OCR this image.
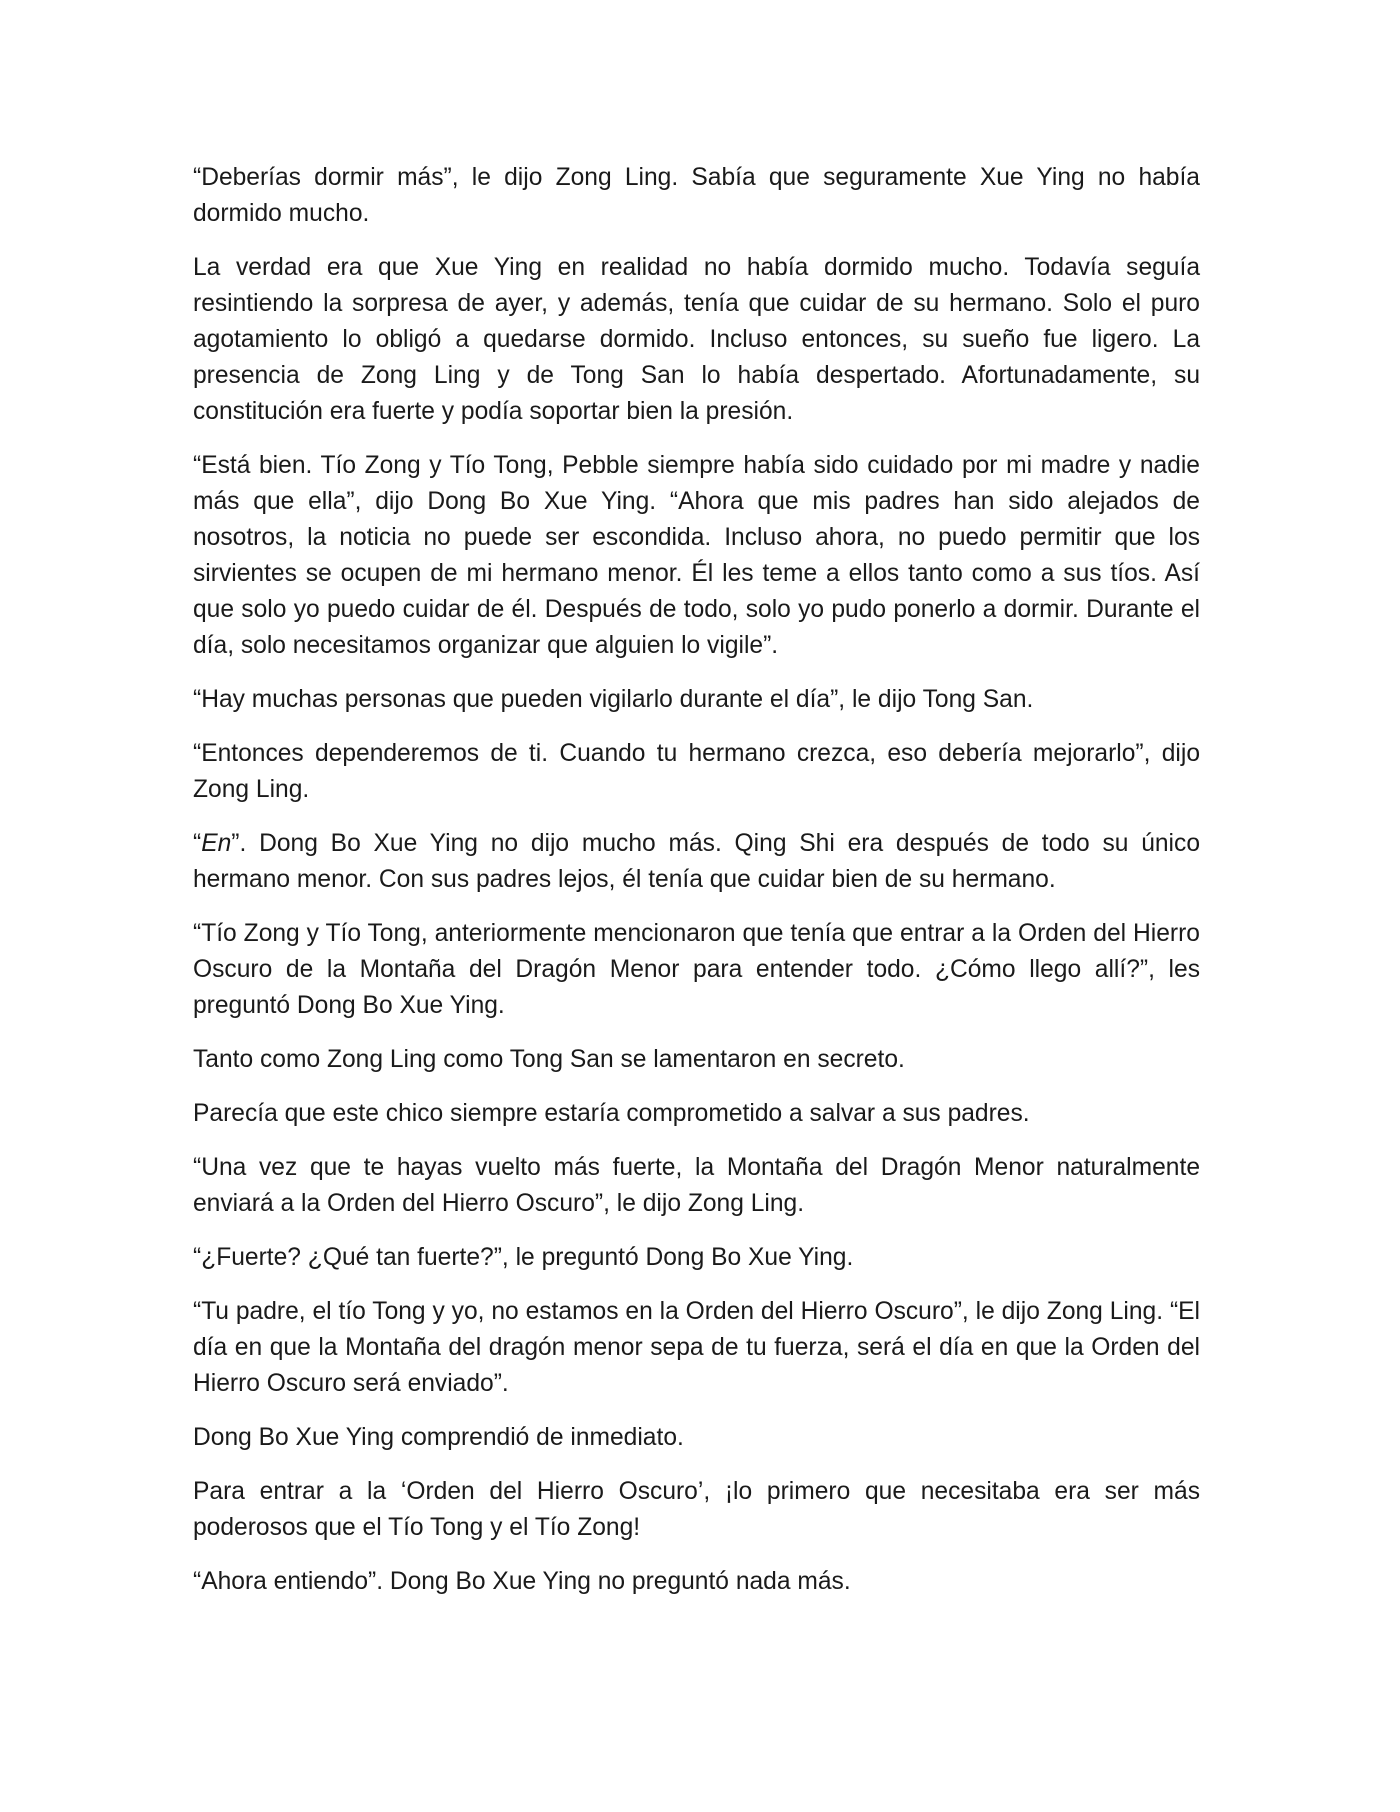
“Deberías dormir más”, le dijo Zong Ling. Sabía que seguramente Xue Ying no había dormido mucho.

La verdad era que Xue Ying en realidad no había dormido mucho. Todavía seguía resintiendo la sorpresa de ayer, y además, tenía que cuidar de su hermano. Solo el puro agotamiento lo obligó a quedarse dormido. Incluso entonces, su sueño fue ligero. La presencia de Zong Ling y de Tong San lo había despertado. Afortunadamente, su constitución era fuerte y podía soportar bien la presión.

“Está bien. Tío Zong y Tío Tong, Pebble siempre había sido cuidado por mi madre y nadie más que ella”, dijo Dong Bo Xue Ying. “Ahora que mis padres han sido alejados de nosotros, la noticia no puede ser escondida. Incluso ahora, no puedo permitir que los sirvientes se ocupen de mi hermano menor. Él les teme a ellos tanto como a sus tíos. Así que solo yo puedo cuidar de él. Después de todo, solo yo pudo ponerlo a dormir. Durante el día, solo necesitamos organizar que alguien lo vigile”.

“Hay muchas personas que pueden vigilarlo durante el día”, le dijo Tong San.

“Entonces dependeremos de ti. Cuando tu hermano crezca, eso debería mejorarlo”, dijo Zong Ling.

“En”. Dong Bo Xue Ying no dijo mucho más. Qing Shi era después de todo su único hermano menor. Con sus padres lejos, él tenía que cuidar bien de su hermano.

“Tío Zong y Tío Tong, anteriormente mencionaron que tenía que entrar a la Orden del Hierro Oscuro de la Montaña del Dragón Menor para entender todo. ¿Cómo llego allí?”, les preguntó Dong Bo Xue Ying.

Tanto como Zong Ling como Tong San se lamentaron en secreto.

Parecía que este chico siempre estaría comprometido a salvar a sus padres.

“Una vez que te hayas vuelto más fuerte, la Montaña del Dragón Menor naturalmente enviará a la Orden del Hierro Oscuro”, le dijo Zong Ling.

“¿Fuerte? ¿Qué tan fuerte?”, le preguntó Dong Bo Xue Ying.

“Tu padre, el tío Tong y yo, no estamos en la Orden del Hierro Oscuro”, le dijo Zong Ling. “El día en que la Montaña del dragón menor sepa de tu fuerza, será el día en que la Orden del Hierro Oscuro será enviado”.

Dong Bo Xue Ying comprendió de inmediato.

Para entrar a la ‘Orden del Hierro Oscuro’, ¡lo primero que necesitaba era ser más poderosos que el Tío Tong y el Tío Zong!

“Ahora entiendo”. Dong Bo Xue Ying no preguntó nada más.
